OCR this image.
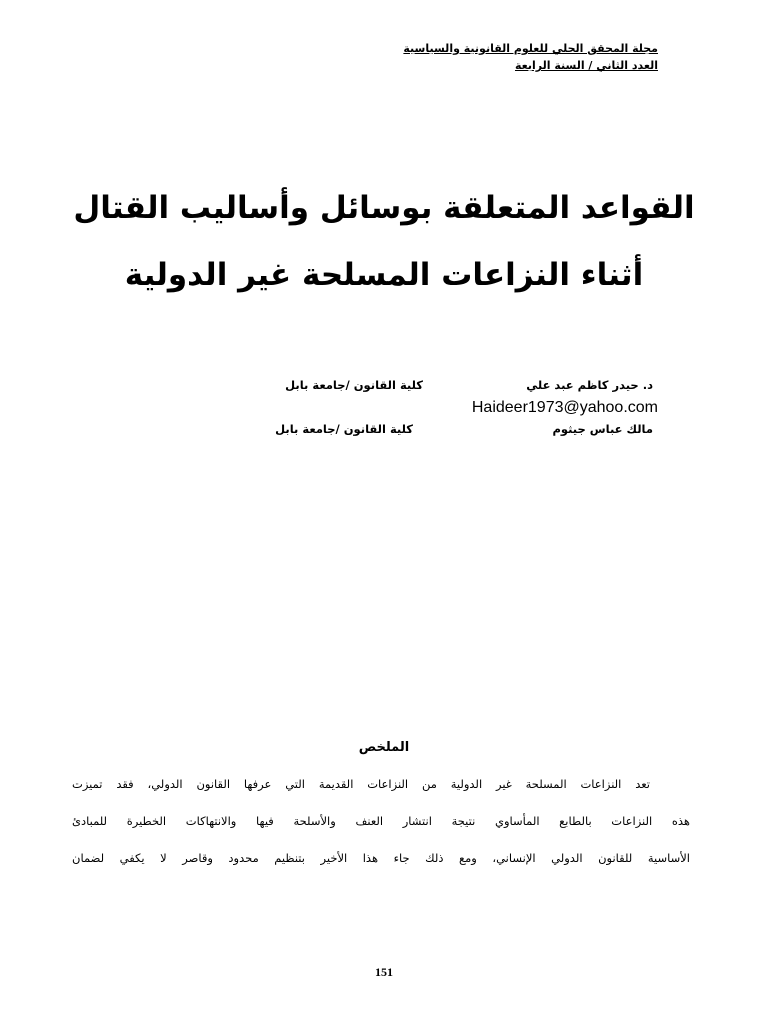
مجلة المحقق الحلي للعلوم القانونية والسياسية
العدد الثاني / السنة الرابعة
القواعد المتعلقة بوسائل وأساليب القتال
أثناء النزاعات المسلحة غير الدولية
د. حيدر كاظم عبد علي
كلية القانون /جامعة بابل
Haideer1973@yahoo.com
مالك عباس جيثوم
كلية القانون /جامعة بابل
الملخص
تعد النزاعات المسلحة غير الدولية من النزاعات القديمة التي عرفها القانون الدولي، فقد تميزت
هذه النزاعات بالطابع المأساوي نتيجة انتشار العنف والأسلحة فيها والانتهاكات الخطيرة للمبادئ
الأساسية للقانون الدولي الإنساني، ومع ذلك جاء هذا الأخير بتنظيم محدود وقاصر لا يكفي لضمان
151
